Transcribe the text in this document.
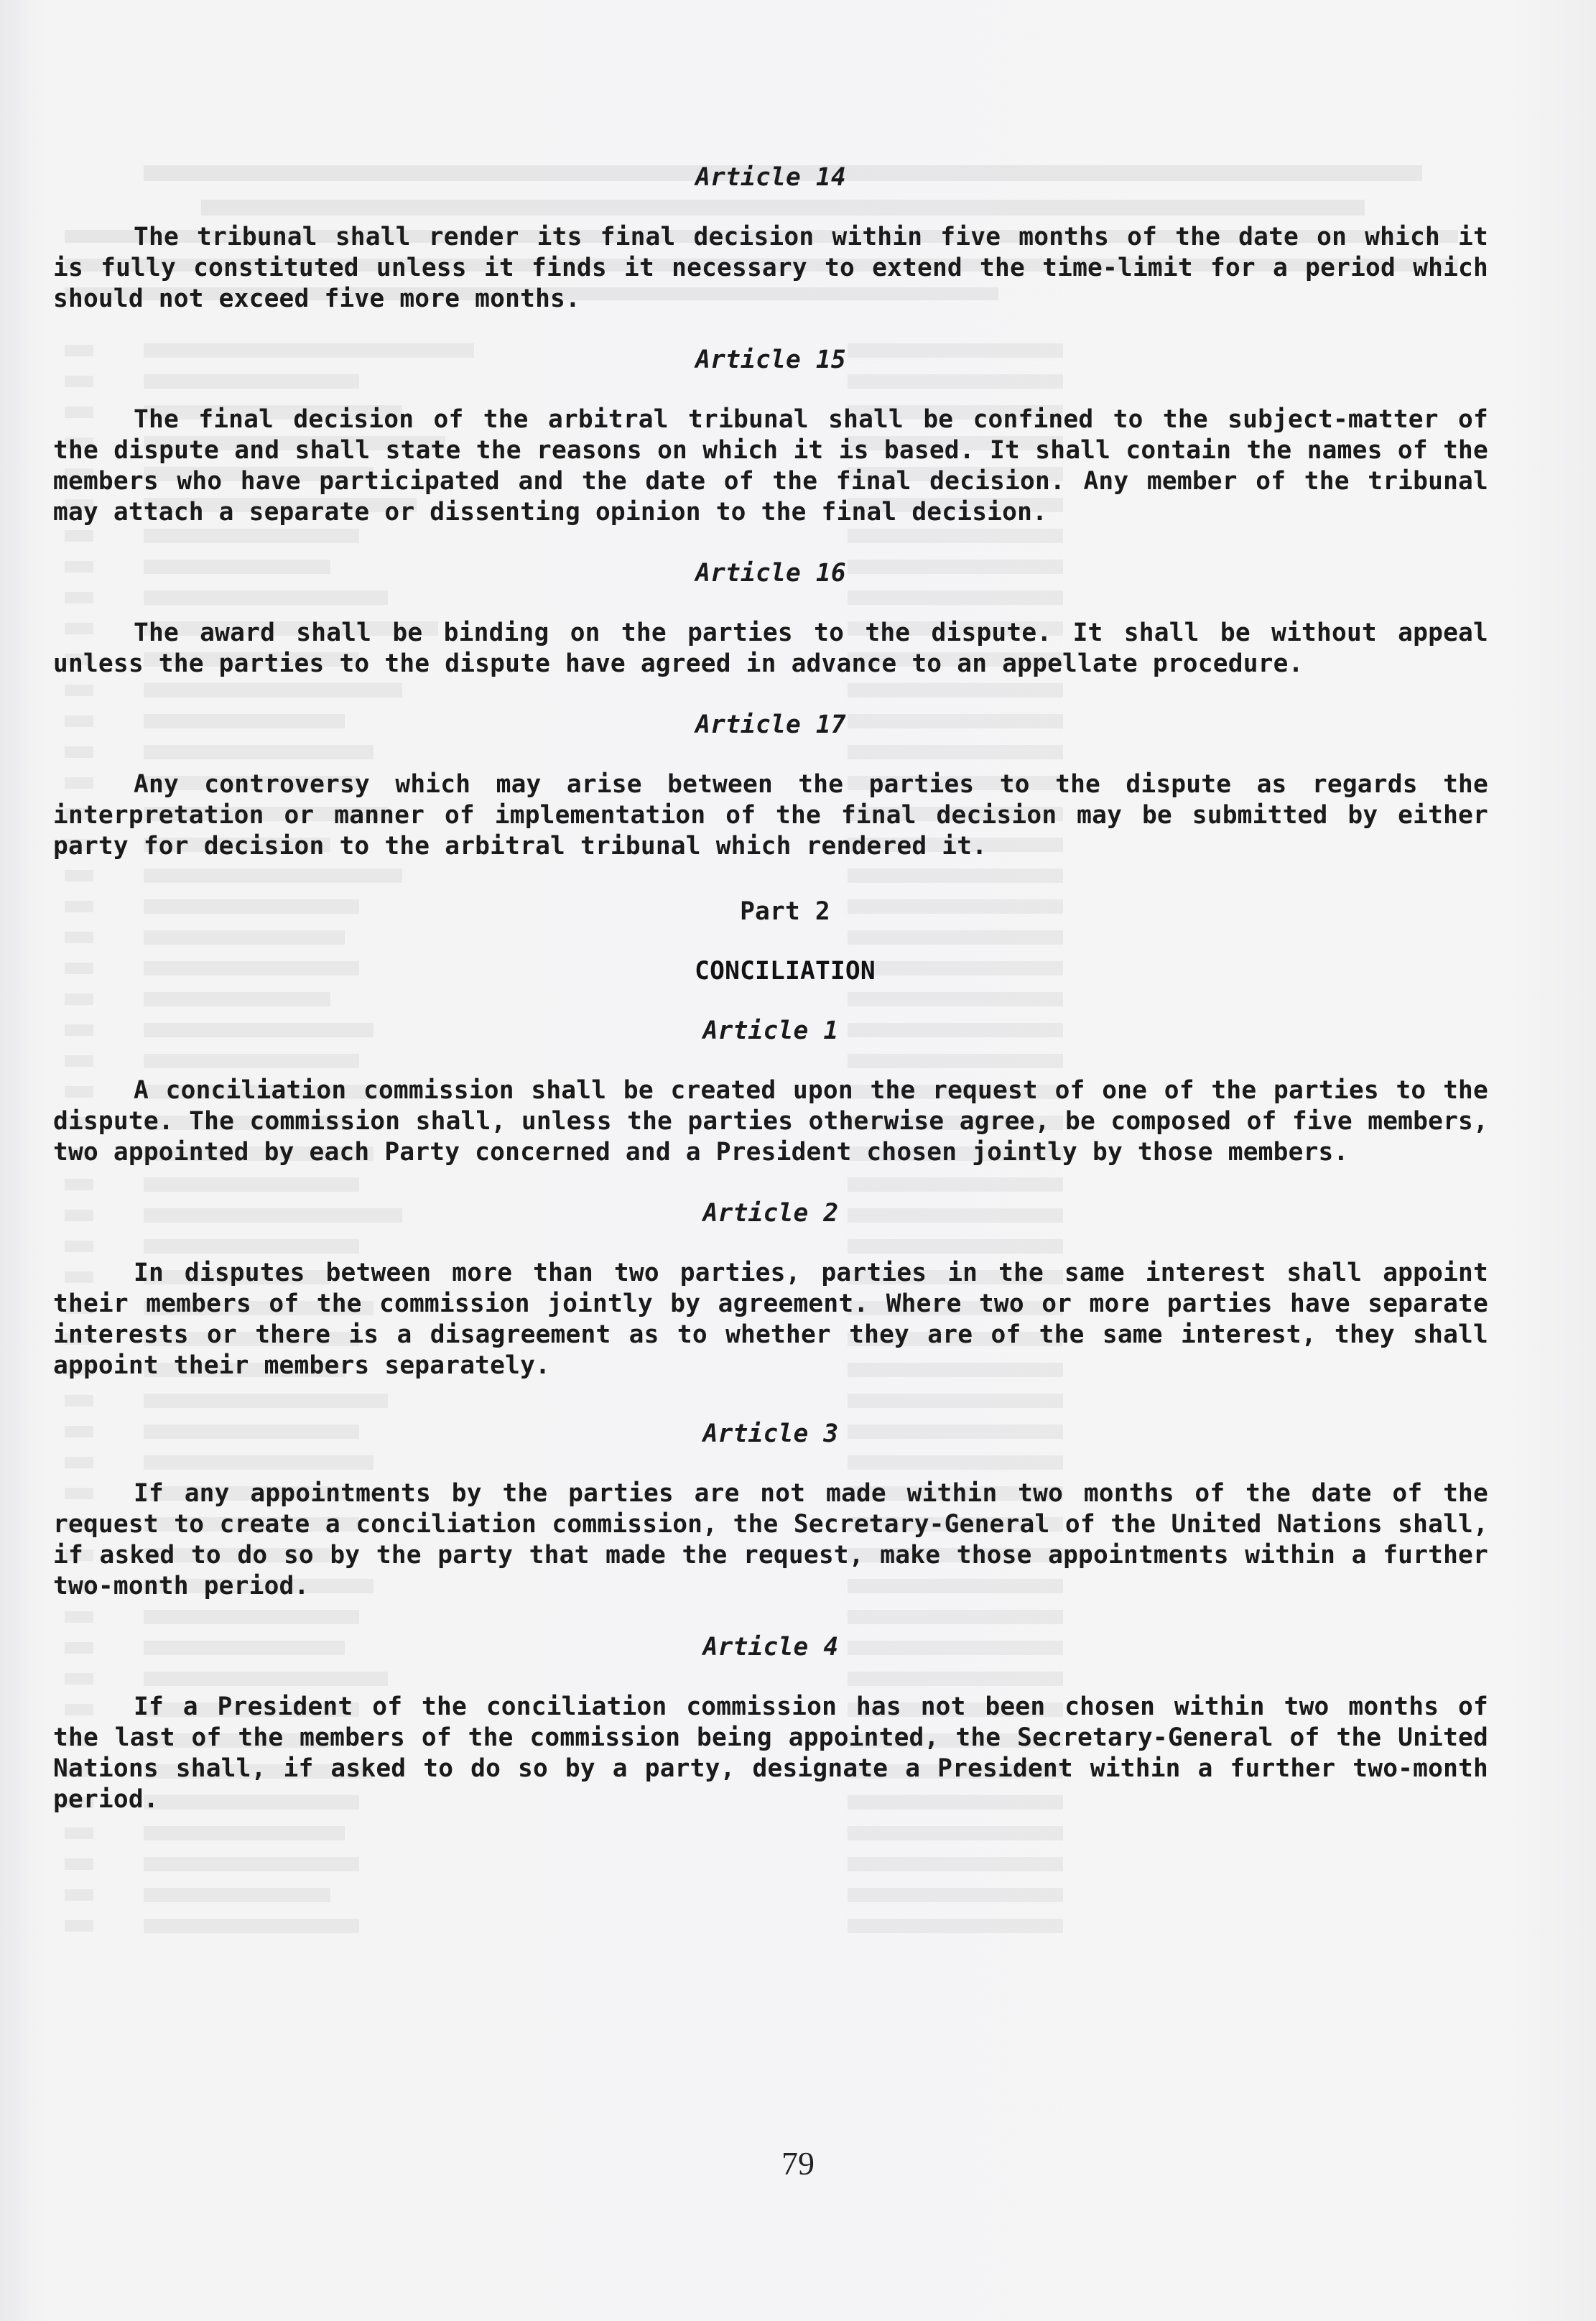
Article 14

The tribunal shall render its final decision within five months of the date on which it is fully constituted unless it finds it necessary to extend the time-limit for a period which should not exceed five more months.

Article 15

The final decision of the arbitral tribunal shall be confined to the subject-matter of the dispute and shall state the reasons on which it is based. It shall contain the names of the members who have participated and the date of the final decision. Any member of the tribunal may attach a separate or dissenting opinion to the final decision.

Article 16

The award shall be binding on the parties to the dispute. It shall be without appeal unless the parties to the dispute have agreed in advance to an appellate procedure.

Article 17

Any controversy which may arise between the parties to the dispute as regards the interpretation or manner of implementation of the final decision may be submitted by either party for decision to the arbitral tribunal which rendered it.

Part 2

CONCILIATION

Article 1

A conciliation commission shall be created upon the request of one of the parties to the dispute. The commission shall, unless the parties otherwise agree, be composed of five members, two appointed by each Party concerned and a President chosen jointly by those members.

Article 2

In disputes between more than two parties, parties in the same interest shall appoint their members of the commission jointly by agreement. Where two or more parties have separate interests or there is a disagreement as to whether they are of the same interest, they shall appoint their members separately.

Article 3

If any appointments by the parties are not made within two months of the date of the request to create a conciliation commission, the Secretary-General of the United Nations shall, if asked to do so by the party that made the request, make those appointments within a further two-month period.

Article 4

If a President of the conciliation commission has not been chosen within two months of the last of the members of the commission being appointed, the Secretary-General of the United Nations shall, if asked to do so by a party, designate a President within a further two-month period.

79
